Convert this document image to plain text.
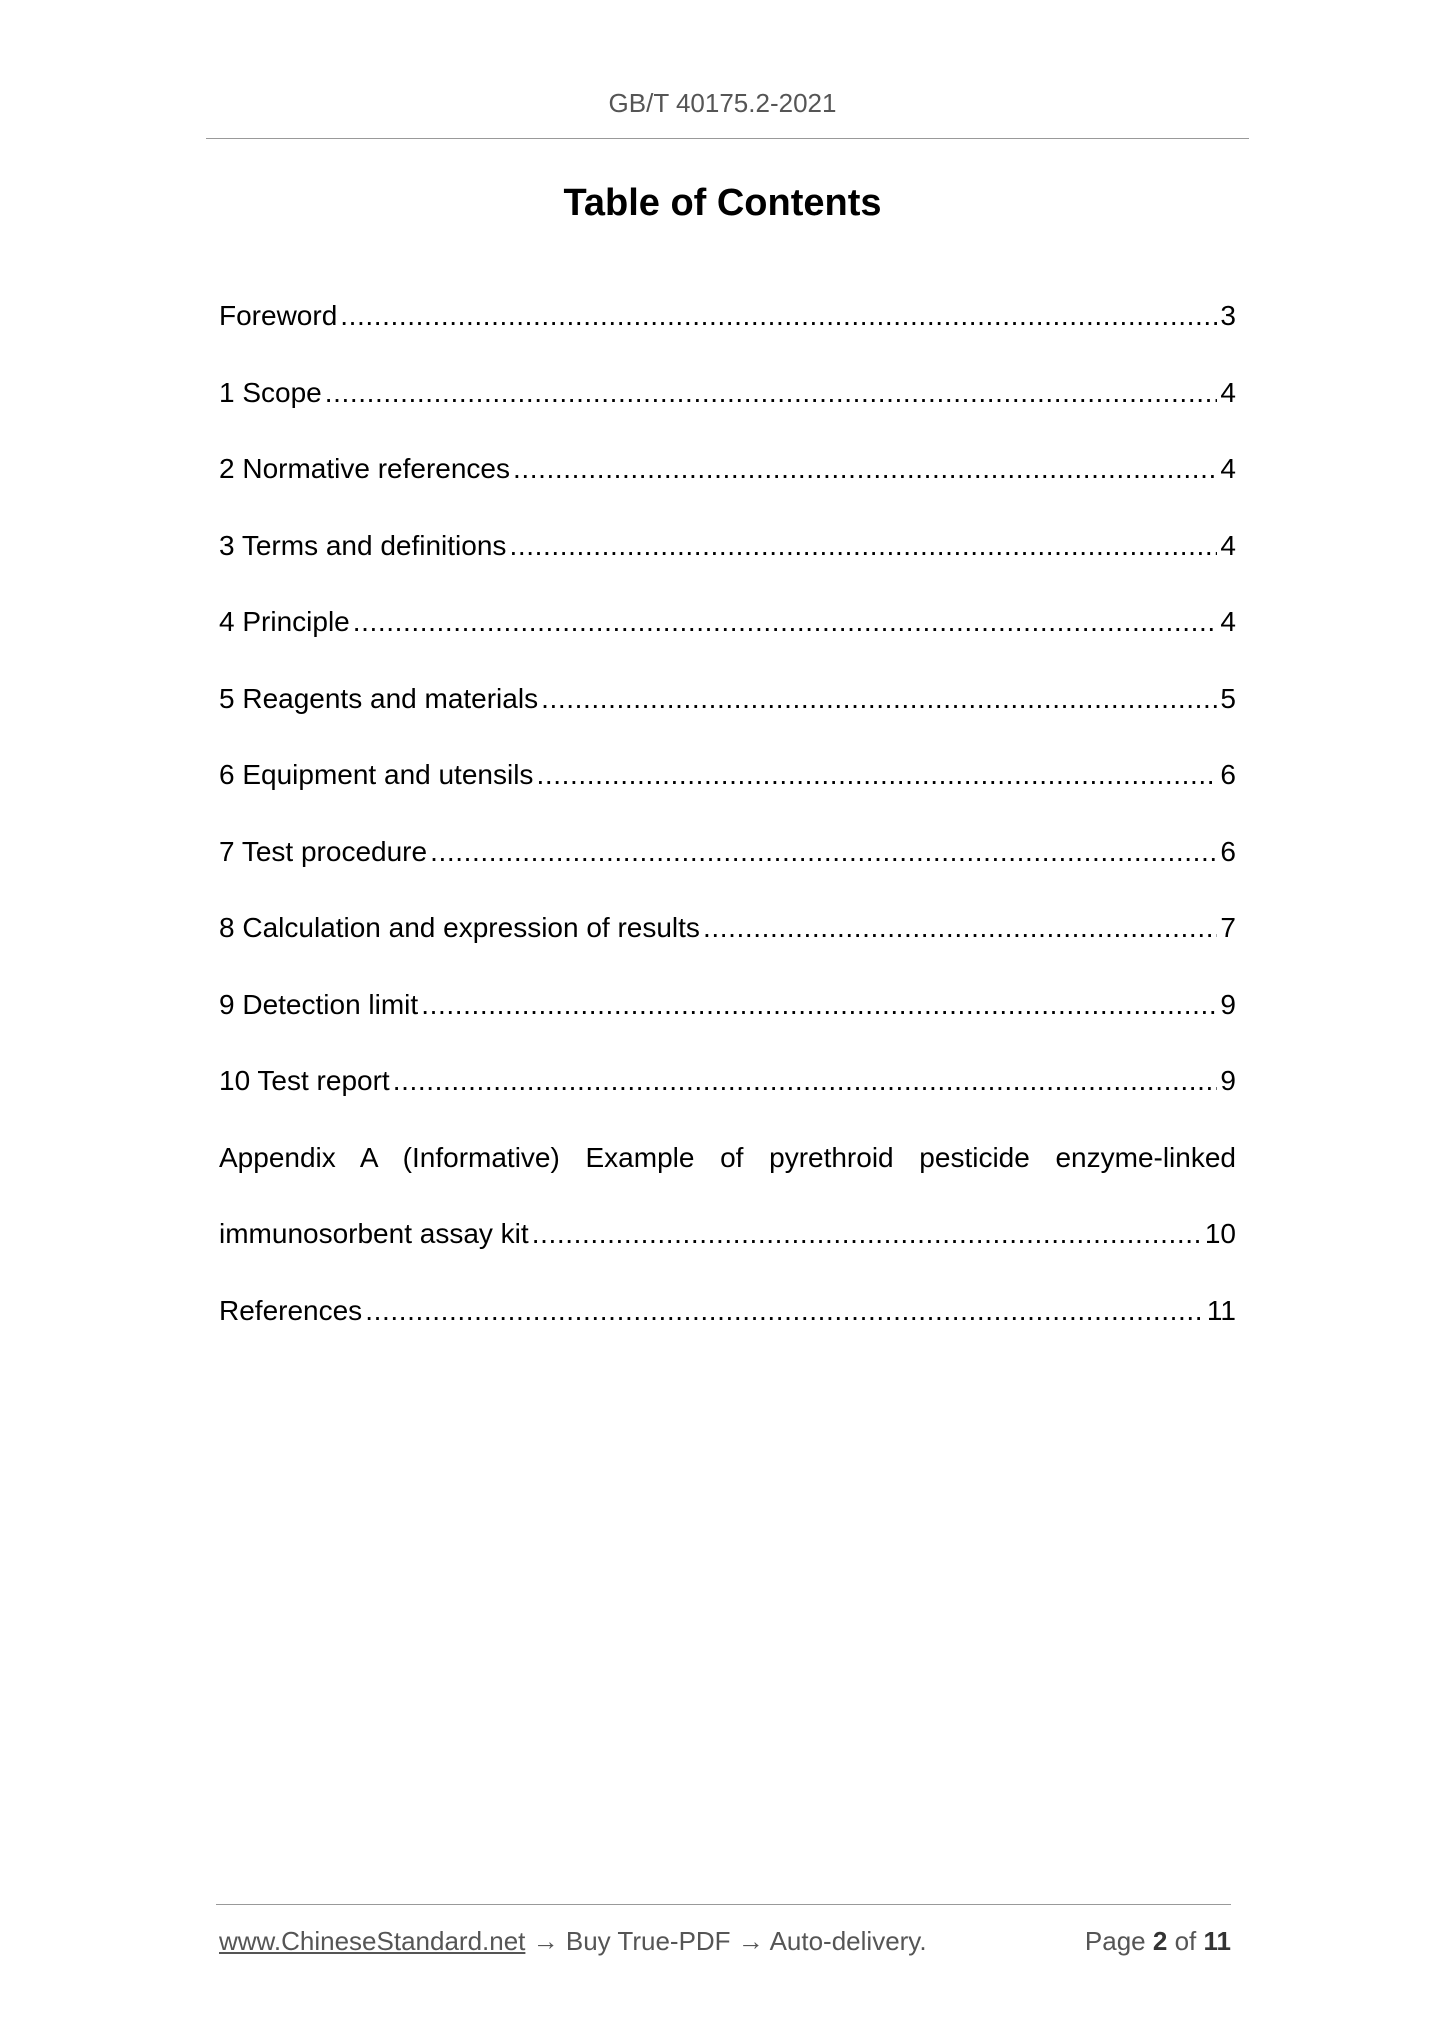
GB/T 40175.2-2021
Table of Contents
Foreword .....	3
1 Scope .....	4
2 Normative references .....	4
3 Terms and definitions .....	4
4 Principle .....	4
5 Reagents and materials .....	5
6 Equipment and utensils .....	6
7 Test procedure .....	6
8 Calculation and expression of results .....	7
9 Detection limit .....	9
10 Test report .....	9
Appendix A (Informative) Example of pyrethroid pesticide enzyme-linked
immunosorbent assay kit .....	10
References .....	11
www.ChineseStandard.net → Buy True-PDF → Auto-delivery.	Page 2 of 11
